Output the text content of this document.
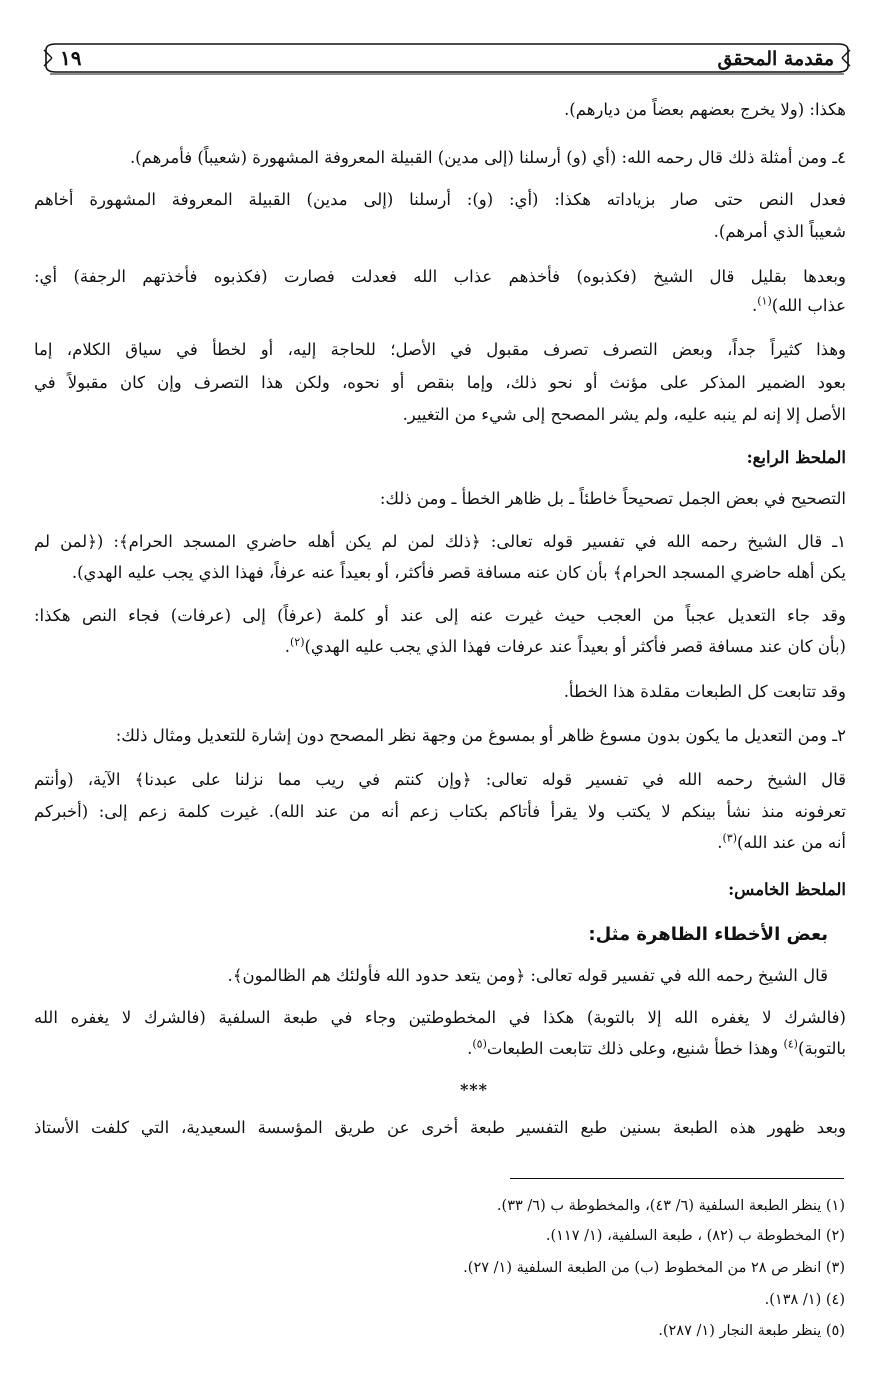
مقدمة المحقق
١٩
هكذا: (ولا يخرج بعضهم بعضاً من ديارهم).
٤ـ ومن أمثلة ذلك قال رحمه الله: (أي (و) أرسلنا (إلى مدين) القبيلة المعروفة المشهورة (شعيباً) فأمرهم).
فعدل النص حتى صار بزياداته هكذا: (أي: (و): أرسلنا (إلى مدين) القبيلة المعروفة المشهورة أخاهم
شعيباً الذي أمرهم).
وبعدها بقليل قال الشيخ (فكذبوه) فأخذهم عذاب الله فعدلت فصارت (فكذبوه فأخذتهم الرجفة) أي:
عذاب الله)$^{(١)}$.
وهذا كثيراً جداً، وبعض التصرف تصرف مقبول في الأصل؛ للحاجة إليه، أو لخطأ في سياق الكلام، إما
بعود الضمير المذكر على مؤنث أو نحو ذلك، وإما بنقص أو نحوه، ولكن هذا التصرف وإن كان مقبولاً في
الأصل إلا إنه لم ينبه عليه، ولم يشر المصحح إلى شيء من التغيير.
الملحظ الرابع:
التصحيح في بعض الجمل تصحيحاً خاطئاً ـ بل ظاهر الخطأ ـ ومن ذلك:
١ـ قال الشيخ رحمه الله في تفسير قوله تعالى: ﴿ذلك لمن لم يكن أهله حاضري المسجد الحرام﴾: (﴿لمن لم
يكن أهله حاضري المسجد الحرام﴾ بأن كان عنه مسافة قصر فأكثر، أو بعيداً عنه عرفاً، فهذا الذي يجب عليه الهدي).
وقد جاء التعديل عجباً من العجب حيث غيرت عنه إلى عند أو كلمة (عرفاً) إلى (عرفات) فجاء النص هكذا:
(بأن كان عند مسافة قصر فأكثر أو بعيداً عند عرفات فهذا الذي يجب عليه الهدي)$^{(٢)}$.
وقد تتابعت كل الطبعات مقلدة هذا الخطأ.
٢ـ ومن التعديل ما يكون بدون مسوغ ظاهر أو بمسوغ من وجهة نظر المصحح دون إشارة للتعديل ومثال ذلك:
قال الشيخ رحمه الله في تفسير قوله تعالى: ﴿وإن كنتم في ريب مما نزلنا على عبدنا﴾ الآية، (وأنتم
تعرفونه منذ نشأ بينكم لا يكتب ولا يقرأ فأتاكم بكتاب زعم أنه من عند الله). غيرت كلمة زعم إلى: (أخبركم
أنه من عند الله)$^{(٣)}$.
الملحظ الخامس:
بعض الأخطاء الظاهرة مثل:
قال الشيخ رحمه الله في تفسير قوله تعالى: ﴿ومن يتعد حدود الله فأولئك هم الظالمون﴾.
(فالشرك لا يغفره الله إلا بالتوبة) هكذا في المخطوطتين وجاء في طبعة السلفية (فالشرك لا يغفره الله
بالتوبة)$^{(٤)}$ وهذا خطأ شنيع، وعلى ذلك تتابعت الطبعات$^{(٥)}$.
***
وبعد ظهور هذه الطبعة بسنين طبع التفسير طبعة أخرى عن طريق المؤسسة السعيدية، التي كلفت الأستاذ
(١) ينظر الطبعة السلفية (٦/ ٤٣)، والمخطوطة ب (٦/ ٣٣).
(٢) المخطوطة ب (٨٢) ، طبعة السلفية، (١/ ١١٧).
(٣) انظر ص ٢٨ من المخطوط (ب) من الطبعة السلفية (١/ ٢٧).
(٤) (١/ ١٣٨).
(٥) ينظر طبعة النجار (١/ ٢٨٧).
